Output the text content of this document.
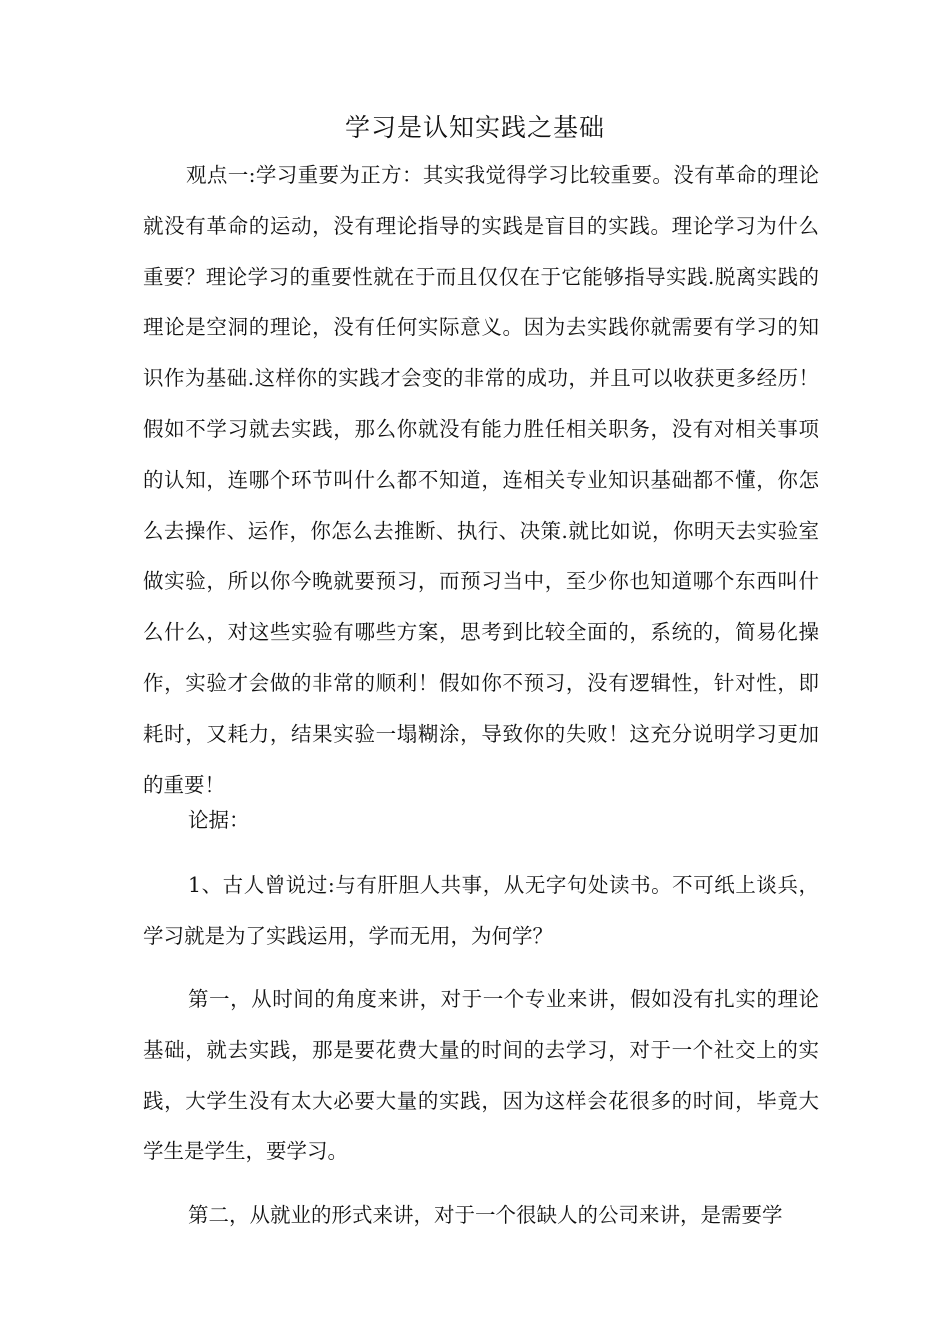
学习是认知实践之基础

观点一:学习重要为正方：其实我觉得学习比较重要。没有革命的理论就没有革命的运动，没有理论指导的实践是盲目的实践。理论学习为什么重要？理论学习的重要性就在于而且仅仅在于它能够指导实践.脱离实践的理论是空洞的理论，没有任何实际意义。因为去实践你就需要有学习的知识作为基础.这样你的实践才会变的非常的成功，并且可以收获更多经历！假如不学习就去实践，那么你就没有能力胜任相关职务，没有对相关事项的认知，连哪个环节叫什么都不知道，连相关专业知识基础都不懂，你怎么去操作、运作，你怎么去推断、执行、决策.就比如说，你明天去实验室做实验，所以你今晚就要预习，而预习当中，至少你也知道哪个东西叫什么什么，对这些实验有哪些方案，思考到比较全面的，系统的，简易化操作，实验才会做的非常的顺利！假如你不预习，没有逻辑性，针对性，即耗时，又耗力，结果实验一塌糊涂，导致你的失败！这充分说明学习更加的重要！

论据：

1、古人曾说过:与有肝胆人共事，从无字句处读书。不可纸上谈兵，学习就是为了实践运用，学而无用，为何学？

第一，从时间的角度来讲，对于一个专业来讲，假如没有扎实的理论基础，就去实践，那是要花费大量的时间的去学习，对于一个社交上的实践，大学生没有太大必要大量的实践，因为这样会花很多的时间，毕竟大学生是学生，要学习。

第二，从就业的形式来讲，对于一个很缺人的公司来讲，是需要学
